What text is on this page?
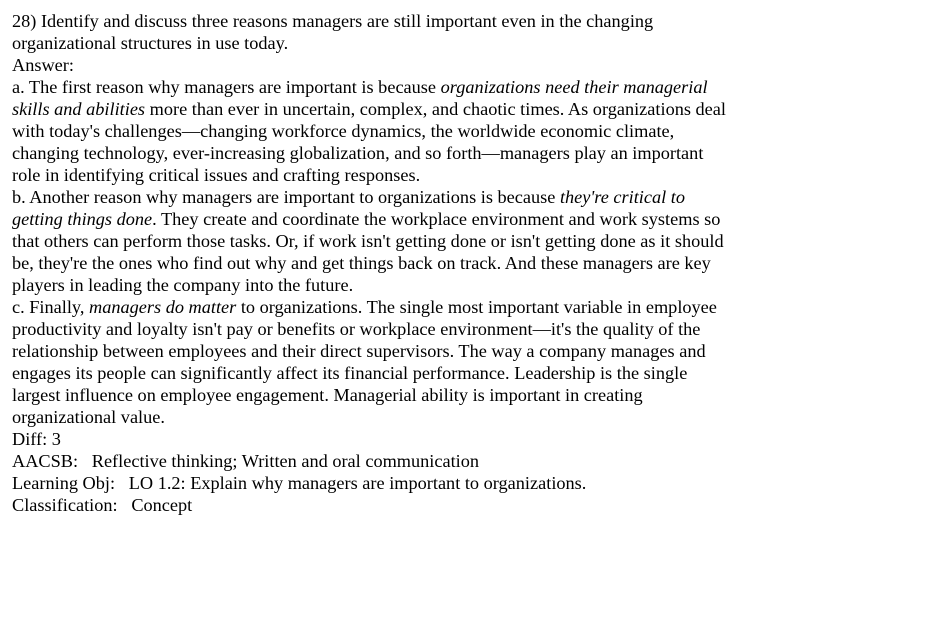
28) Identify and discuss three reasons managers are still important even in the changing
organizational structures in use today.
Answer:
a. The first reason why managers are important is because organizations need their managerial
skills and abilities more than ever in uncertain, complex, and chaotic times. As organizations deal
with today's challenges—changing workforce dynamics, the worldwide economic climate,
changing technology, ever-increasing globalization, and so forth—managers play an important
role in identifying critical issues and crafting responses.
b. Another reason why managers are important to organizations is because they're critical to
getting things done. They create and coordinate the workplace environment and work systems so
that others can perform those tasks. Or, if work isn't getting done or isn't getting done as it should
be, they're the ones who find out why and get things back on track. And these managers are key
players in leading the company into the future.
c. Finally, managers do matter to organizations. The single most important variable in employee
productivity and loyalty isn't pay or benefits or workplace environment—it's the quality of the
relationship between employees and their direct supervisors. The way a company manages and
engages its people can significantly affect its financial performance. Leadership is the single
largest influence on employee engagement. Managerial ability is important in creating
organizational value.
Diff: 3
AACSB:   Reflective thinking; Written and oral communication
Learning Obj:   LO 1.2: Explain why managers are important to organizations.
Classification:   Concept
